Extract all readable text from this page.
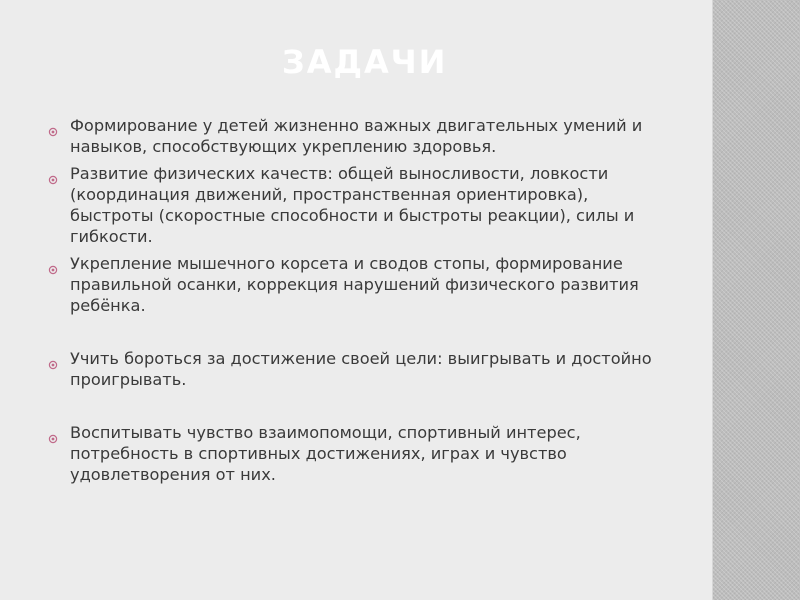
ЗАДАЧИ
Формирование у детей жизненно важных двигательных умений и навыков, способствующих укреплению здоровья.
Развитие физических качеств: общей выносливости, ловкости (координация движений, пространственная ориентировка), быстроты (скоростные способности и быстроты реакции), силы и гибкости.
Укрепление мышечного корсета и сводов стопы, формирование правильной осанки, коррекция нарушений физического развития ребёнка.
Учить бороться за достижение своей цели: выигрывать и достойно проигрывать.
Воспитывать чувство взаимопомощи, спортивный интерес, потребность в спортивных достижениях, играх и чувство удовлетворения от них.
